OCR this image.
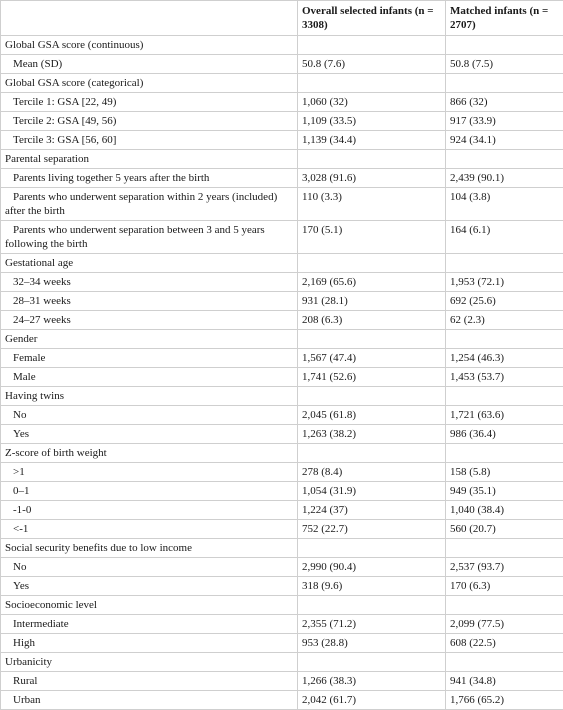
	Overall selected infants (n = 3308)	Matched infants (n = 2707)
Global GSA score (continuous)		
Mean (SD)	50.8 (7.6)	50.8 (7.5)
Global GSA score (categorical)		
Tercile 1: GSA [22, 49)	1,060 (32)	866 (32)
Tercile 2: GSA [49, 56)	1,109 (33.5)	917 (33.9)
Tercile 3: GSA [56, 60]	1,139 (34.4)	924 (34.1)
Parental separation		
Parents living together 5 years after the birth	3,028 (91.6)	2,439 (90.1)
Parents who underwent separation within 2 years (included) after the birth	110 (3.3)	104 (3.8)
Parents who underwent separation between 3 and 5 years following the birth	170 (5.1)	164 (6.1)
Gestational age		
32–34 weeks	2,169 (65.6)	1,953 (72.1)
28–31 weeks	931 (28.1)	692 (25.6)
24–27 weeks	208 (6.3)	62 (2.3)
Gender		
Female	1,567 (47.4)	1,254 (46.3)
Male	1,741 (52.6)	1,453 (53.7)
Having twins		
No	2,045 (61.8)	1,721 (63.6)
Yes	1,263 (38.2)	986 (36.4)
Z-score of birth weight		
>1	278 (8.4)	158 (5.8)
0–1	1,054 (31.9)	949 (35.1)
-1-0	1,224 (37)	1,040 (38.4)
<-1	752 (22.7)	560 (20.7)
Social security benefits due to low income		
No	2,990 (90.4)	2,537 (93.7)
Yes	318 (9.6)	170 (6.3)
Socioeconomic level		
Intermediate	2,355 (71.2)	2,099 (77.5)
High	953 (28.8)	608 (22.5)
Urbanicity		
Rural	1,266 (38.3)	941 (34.8)
Urban	2,042 (61.7)	1,766 (65.2)
